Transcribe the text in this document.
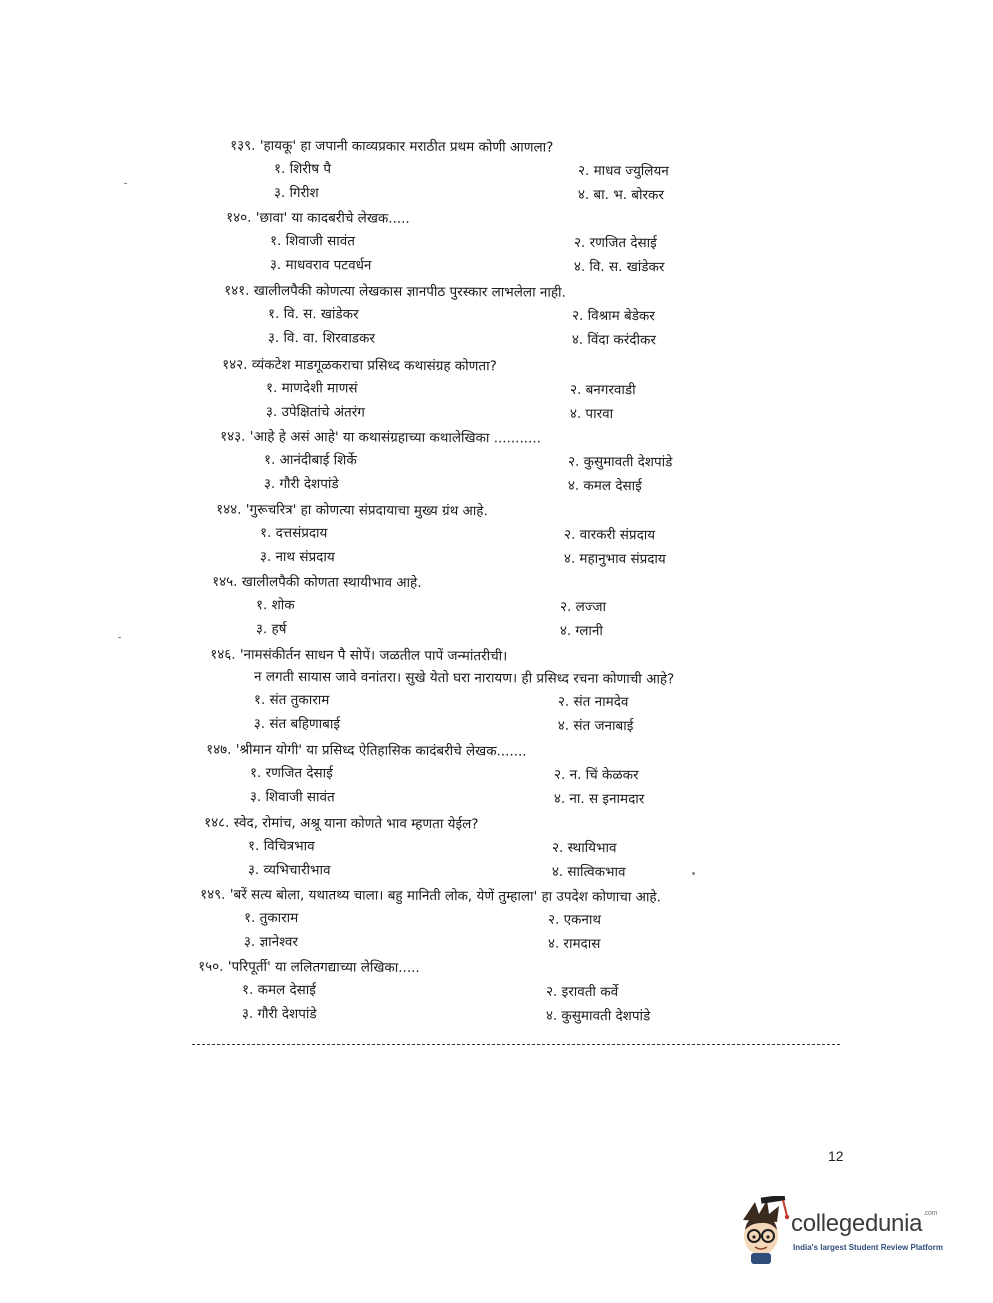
१३९. 'हायकू' हा जपानी काव्यप्रकार मराठीत प्रथम कोणी आणला?
१. शिरीष पै	२. माधव ज्युलियन
३. गिरीश	४. बा. भ. बोरकर
१४०. 'छावा' या कादबरीचे लेखक.....
१. शिवाजी सावंत	२. रणजित देसाई
३. माधवराव पटवर्धन	४. वि. स. खांडेकर
१४१. खालीलपैकी कोणत्या लेखकास ज्ञानपीठ पुरस्कार लाभलेला नाही.
१. वि. स. खांडेकर	२. विश्राम बेडेकर
३. वि. वा. शिरवाडकर	४. विंदा करंदीकर
१४२. व्यंकटेश माडगूळकराचा प्रसिध्द कथासंग्रह कोणता?
१. माणदेशी माणसं	२. बनगरवाडी
३. उपेक्षितांचे अंतरंग	४. पारवा
१४३. 'आहे हे असं आहे' या कथासंग्रहाच्या कथालेखिका ...........
१. आनंदीबाई शिर्के	२. कुसुमावती देशपांडे
३. गौरी देशपांडे	४. कमल देसाई
१४४. 'गुरूचरित्र' हा कोणत्या संप्रदायाचा मुख्य ग्रंथ आहे.
१. दत्तसंप्रदाय	२. वारकरी संप्रदाय
३. नाथ संप्रदाय	४. महानुभाव संप्रदाय
१४५. खालीलपैकी कोणता स्थायीभाव आहे.
१. शोक	२. लज्जा
३. हर्ष	४. ग्लानी
१४६. 'नामसंकीर्तन साधन पै सोपें। जळतील पापें जन्मांतरीची।
न लगती सायास जावे वनांतरा। सुखे येतो घरा नारायण। ही प्रसिध्द रचना कोणाची आहे?
१. संत तुकाराम	२. संत नामदेव
३. संत बहिणाबाई	४. संत जनाबाई
१४७. 'श्रीमान योगी' या प्रसिध्द ऐतिहासिक कादंबरीचे लेखक.......
१. रणजित देसाई	२. न. चिं केळकर
३. शिवाजी सावंत	४. ना. स इनामदार
१४८. स्वेद, रोमांच, अश्रू याना कोणते भाव म्हणता येईल?
१. विचित्रभाव	२. स्थायिभाव
३. व्यभिचारीभाव	४. सात्विकभाव
१४९. 'बरें सत्य बोला, यथातथ्य चाला। बहु मानिती लोक, येणें तुम्हाला' हा उपदेश कोणाचा आहे.
१. तुकाराम	२. एकनाथ
३. ज्ञानेश्वर	४. रामदास
१५०. 'परिपूर्ती' या ललितगद्याच्या लेखिका.....
१. कमल देसाई	२. इरावती कर्वे
३. गौरी देशपांडे	४. कुसुमावती देशपांडे
12
collegedunia$^{.com}$
India's largest Student Review Platform
